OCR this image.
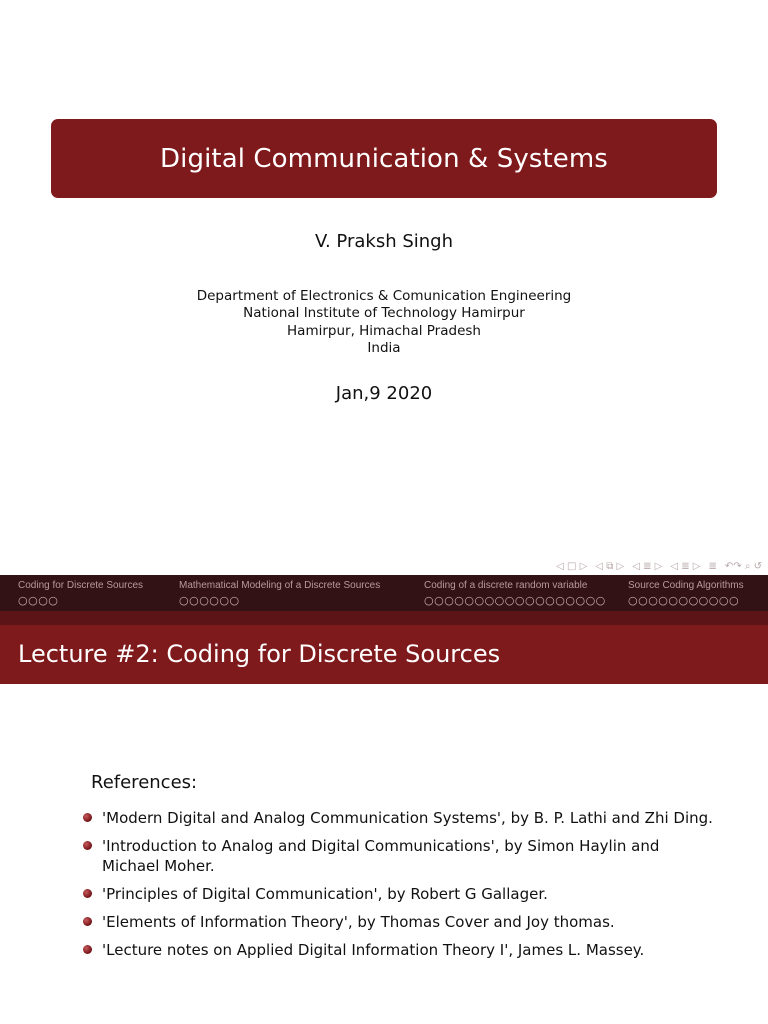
Digital Communication & Systems
V. Praksh Singh
Department of Electronics & Comunication Engineering
National Institute of Technology Hamirpur
Hamirpur, Himachal Pradesh
India
Jan,9 2020
◁ □ ▷ ◁ ⧉ ▷ ◁ ≣ ▷ ◁ ≣ ▷ ≣ ↶↷ ⌕ ↺
Coding for Discrete Sources
○○○○
Mathematical Modeling of a Discrete Sources
○○○○○○
Coding of a discrete random variable
○○○○○○○○○○○○○○○○○○
Source Coding Algorithms
○○○○○○○○○○○
Lecture #2: Coding for Discrete Sources
References:
'Modern Digital and Analog Communication Systems', by B. P. Lathi and Zhi Ding.
'Introduction to Analog and Digital Communications', by Simon Haylin and Michael Moher.
'Principles of Digital Communication', by Robert G Gallager.
'Elements of Information Theory', by Thomas Cover and Joy thomas.
'Lecture notes on Applied Digital Information Theory I', James L. Massey.
